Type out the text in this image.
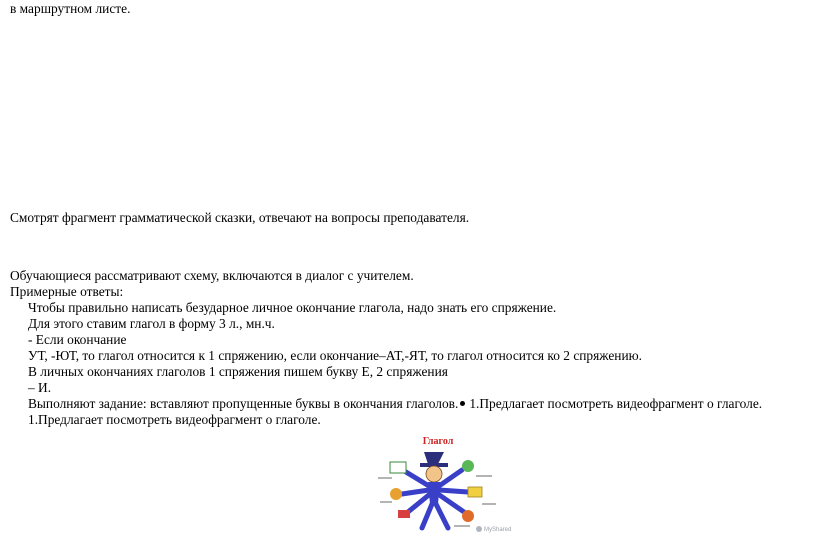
в маршрутном листе.
Смотрят фрагмент грамматической сказки, отвечают на вопросы преподавателя.
Обучающиеся рассматривают схему, включаются в диалог с учителем.
Примерные ответы:
Чтобы правильно написать безударное личное окончание глагола, надо знать его спряжение.
Для этого ставим глагол в форму 3 л., мн.ч.
- Если окончание
УТ, -ЮТ, то глагол относится к 1 спряжению, если окончание–АТ,-ЯТ, то глагол относится ко 2 спряжению.
В личных окончаниях глаголов 1 спряжения пишем букву Е, 2 спряжения
– И.
Выполняют задание: вставляют пропущенные буквы в окончания глаголов. 1.Предлагает посмотреть видеофрагмент о глаголе.
1.Предлагает посмотреть видеофрагмент о глаголе.
Глагол
MyShared
